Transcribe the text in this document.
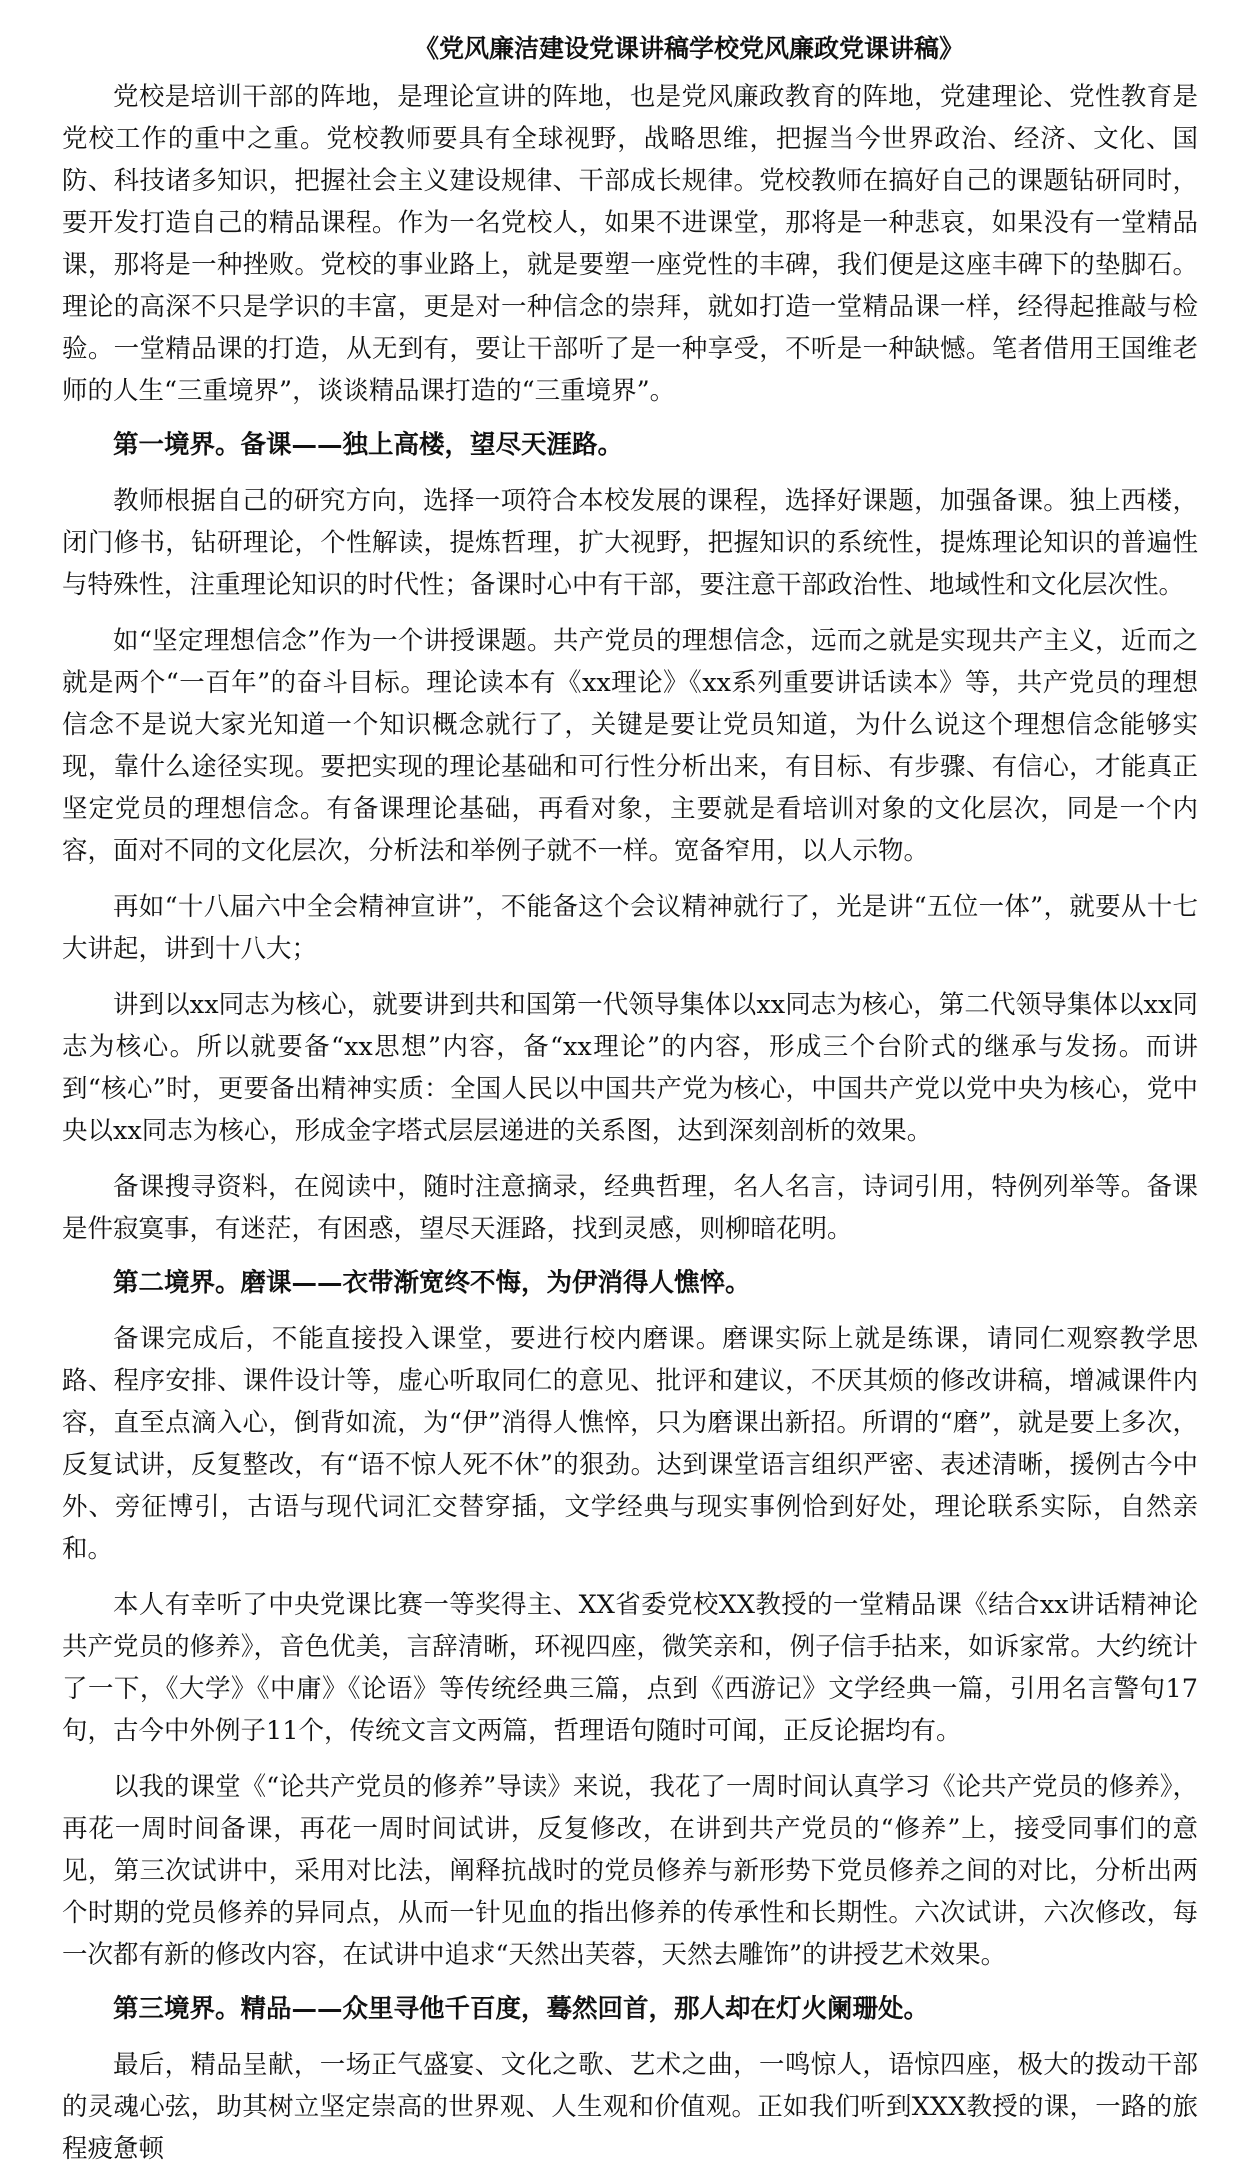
《党风廉洁建设党课讲稿学校党风廉政党课讲稿》

党校是培训干部的阵地，是理论宣讲的阵地，也是党风廉政教育的阵地，党建理论、党性教育是党校工作的重中之重。党校教师要具有全球视野，战略思维，把握当今世界政治、经济、文化、国防、科技诸多知识，把握社会主义建设规律、干部成长规律。党校教师在搞好自己的课题钻研同时，要开发打造自己的精品课程。作为一名党校人，如果不进课堂，那将是一种悲哀，如果没有一堂精品课，那将是一种挫败。党校的事业路上，就是要塑一座党性的丰碑，我们便是这座丰碑下的垫脚石。理论的高深不只是学识的丰富，更是对一种信念的崇拜，就如打造一堂精品课一样，经得起推敲与检验。一堂精品课的打造，从无到有，要让干部听了是一种享受，不听是一种缺憾。笔者借用王国维老师的人生“三重境界”，谈谈精品课打造的“三重境界”。

第一境界。备课——独上高楼，望尽天涯路。

教师根据自己的研究方向，选择一项符合本校发展的课程，选择好课题，加强备课。独上西楼，闭门修书，钻研理论，个性解读，提炼哲理，扩大视野，把握知识的系统性，提炼理论知识的普遍性与特殊性，注重理论知识的时代性；备课时心中有干部，要注意干部政治性、地域性和文化层次性。

如“坚定理想信念”作为一个讲授课题。共产党员的理想信念，远而之就是实现共产主义，近而之就是两个“一百年”的奋斗目标。理论读本有《xx理论》《xx系列重要讲话读本》等，共产党员的理想信念不是说大家光知道一个知识概念就行了，关键是要让党员知道，为什么说这个理想信念能够实现，靠什么途径实现。要把实现的理论基础和可行性分析出来，有目标、有步骤、有信心，才能真正坚定党员的理想信念。有备课理论基础，再看对象，主要就是看培训对象的文化层次，同是一个内容，面对不同的文化层次，分析法和举例子就不一样。宽备窄用，以人示物。

再如“十八届六中全会精神宣讲”，不能备这个会议精神就行了，光是讲“五位一体”，就要从十七大讲起，讲到十八大；

讲到以xx同志为核心，就要讲到共和国第一代领导集体以xx同志为核心，第二代领导集体以xx同志为核心。所以就要备“xx思想”内容，备“xx理论”的内容，形成三个台阶式的继承与发扬。而讲到“核心”时，更要备出精神实质：全国人民以中国共产党为核心，中国共产党以党中央为核心，党中央以xx同志为核心，形成金字塔式层层递进的关系图，达到深刻剖析的效果。

备课搜寻资料，在阅读中，随时注意摘录，经典哲理，名人名言，诗词引用，特例列举等。备课是件寂寞事，有迷茫，有困惑，望尽天涯路，找到灵感，则柳暗花明。

第二境界。磨课——衣带渐宽终不悔，为伊消得人憔悴。

备课完成后，不能直接投入课堂，要进行校内磨课。磨课实际上就是练课，请同仁观察教学思路、程序安排、课件设计等，虚心听取同仁的意见、批评和建议，不厌其烦的修改讲稿，增减课件内容，直至点滴入心，倒背如流，为“伊”消得人憔悴，只为磨课出新招。所谓的“磨”，就是要上多次，反复试讲，反复整改，有“语不惊人死不休”的狠劲。达到课堂语言组织严密、表述清晰，援例古今中外、旁征博引，古语与现代词汇交替穿插，文学经典与现实事例恰到好处，理论联系实际，自然亲和。

本人有幸听了中央党课比赛一等奖得主、XX省委党校XX教授的一堂精品课《结合xx讲话精神论共产党员的修养》，音色优美，言辞清晰，环视四座，微笑亲和，例子信手拈来，如诉家常。大约统计了一下，《大学》《中庸》《论语》等传统经典三篇，点到《西游记》文学经典一篇，引用名言警句17句，古今中外例子11个，传统文言文两篇，哲理语句随时可闻，正反论据均有。

以我的课堂《“论共产党员的修养”导读》来说，我花了一周时间认真学习《论共产党员的修养》，再花一周时间备课，再花一周时间试讲，反复修改，在讲到共产党员的“修养”上，接受同事们的意见，第三次试讲中，采用对比法，阐释抗战时的党员修养与新形势下党员修养之间的对比，分析出两个时期的党员修养的异同点，从而一针见血的指出修养的传承性和长期性。六次试讲，六次修改，每一次都有新的修改内容，在试讲中追求“天然出芙蓉，天然去雕饰”的讲授艺术效果。

第三境界。精品——众里寻他千百度，蓦然回首，那人却在灯火阑珊处。

最后，精品呈献，一场正气盛宴、文化之歌、艺术之曲，一鸣惊人，语惊四座，极大的拨动干部的灵魂心弦，助其树立坚定崇高的世界观、人生观和价值观。正如我们听到XXX教授的课，一路的旅程疲惫顿
